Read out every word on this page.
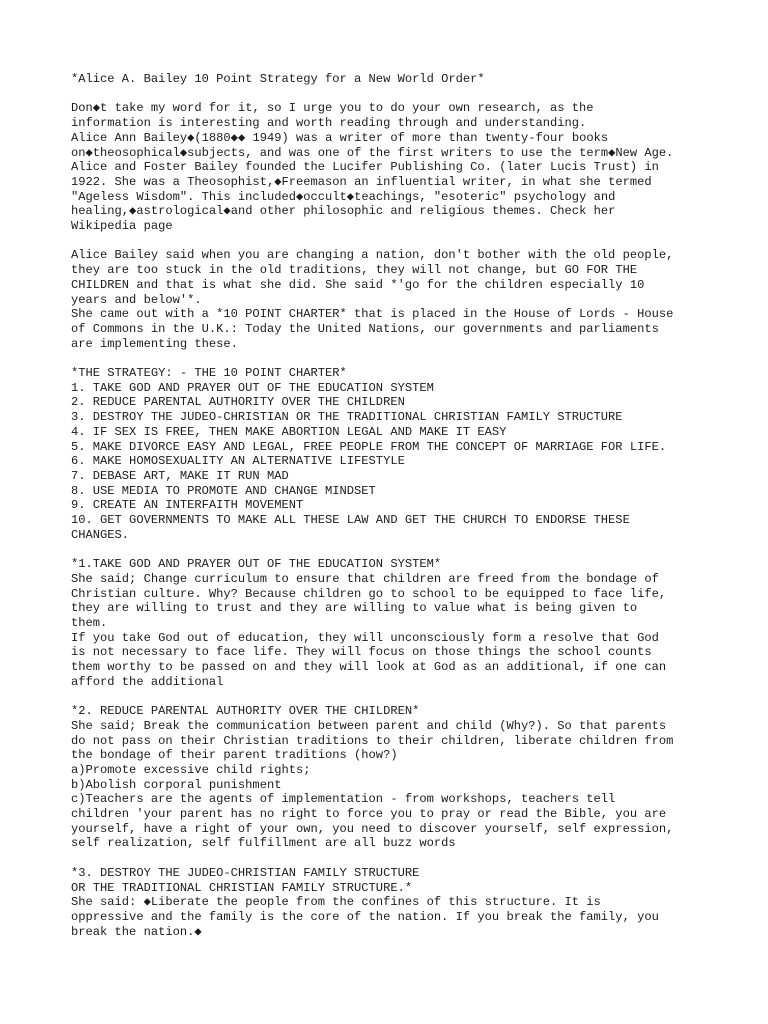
*Alice A. Bailey 10 Point Strategy for a New World Order*
Don◆t take my word for it, so I urge you to do your own research, as the
information is interesting and worth reading through and understanding.
Alice Ann Bailey◆(1880◆◆ 1949) was a writer of more than twenty-four books
on◆theosophical◆subjects, and was one of the first writers to use the term◆New Age.
Alice and Foster Bailey founded the Lucifer Publishing Co. (later Lucis Trust) in
1922. She was a Theosophist,◆Freemason an influential writer, in what she termed
"Ageless Wisdom". This included◆occult◆teachings, "esoteric" psychology and
healing,◆astrological◆and other philosophic and religious themes. Check her
Wikipedia page
Alice Bailey said when you are changing a nation, don't bother with the old people,
they are too stuck in the old traditions, they will not change, but GO FOR THE
CHILDREN and that is what she did. She said *'go for the children especially 10
years and below'*.
She came out with a *10 POINT CHARTER* that is placed in the House of Lords - House
of Commons in the U.K.: Today the United Nations, our governments and parliaments
are implementing these.
*THE STRATEGY: - THE 10 POINT CHARTER*
1. TAKE GOD AND PRAYER OUT OF THE EDUCATION SYSTEM
2. REDUCE PARENTAL AUTHORITY OVER THE CHILDREN
3. DESTROY THE JUDEO-CHRISTIAN OR THE TRADITIONAL CHRISTIAN FAMILY STRUCTURE
4. IF SEX IS FREE, THEN MAKE ABORTION LEGAL AND MAKE IT EASY
5. MAKE DIVORCE EASY AND LEGAL, FREE PEOPLE FROM THE CONCEPT OF MARRIAGE FOR LIFE.
6. MAKE HOMOSEXUALITY AN ALTERNATIVE LIFESTYLE
7. DEBASE ART, MAKE IT RUN MAD
8. USE MEDIA TO PROMOTE AND CHANGE MINDSET
9. CREATE AN INTERFAITH MOVEMENT
10. GET GOVERNMENTS TO MAKE ALL THESE LAW AND GET THE CHURCH TO ENDORSE THESE
CHANGES.
*1.TAKE GOD AND PRAYER OUT OF THE EDUCATION SYSTEM*
She said; Change curriculum to ensure that children are freed from the bondage of
Christian culture. Why? Because children go to school to be equipped to face life,
they are willing to trust and they are willing to value what is being given to
them.
If you take God out of education, they will unconsciously form a resolve that God
is not necessary to face life. They will focus on those things the school counts
them worthy to be passed on and they will look at God as an additional, if one can
afford the additional
*2. REDUCE PARENTAL AUTHORITY OVER THE CHILDREN*
She said; Break the communication between parent and child (Why?). So that parents
do not pass on their Christian traditions to their children, liberate children from
the bondage of their parent traditions (how?)
a)Promote excessive child rights;
b)Abolish corporal punishment
c)Teachers are the agents of implementation - from workshops, teachers tell
children 'your parent has no right to force you to pray or read the Bible, you are
yourself, have a right of your own, you need to discover yourself, self expression,
self realization, self fulfillment are all buzz words
*3. DESTROY THE JUDEO-CHRISTIAN FAMILY STRUCTURE
OR THE TRADITIONAL CHRISTIAN FAMILY STRUCTURE.*
She said: ◆Liberate the people from the confines of this structure. It is
oppressive and the family is the core of the nation. If you break the family, you
break the nation.◆
